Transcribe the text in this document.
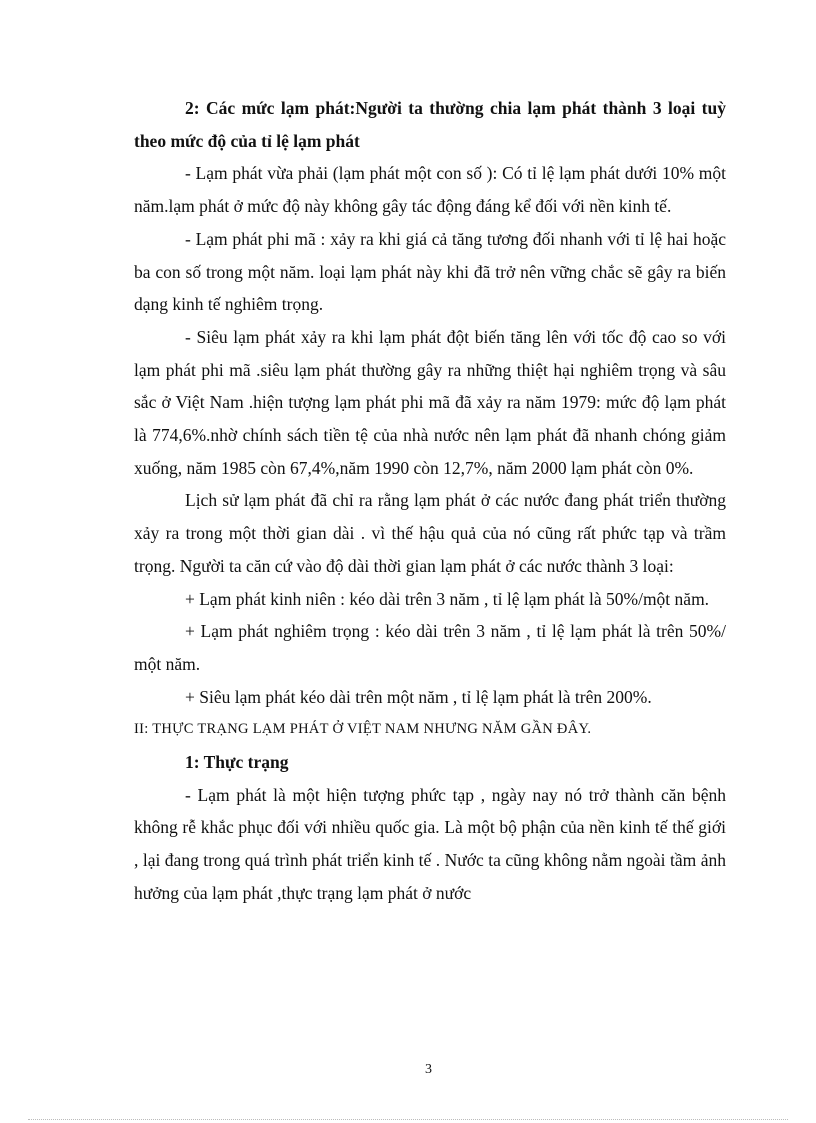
2: Các mức lạm phát:Người ta thường chia lạm phát thành 3 loại tuỳ theo mức độ của tỉ lệ lạm phát

- Lạm phát vừa phải (lạm phát một con số ): Có tỉ lệ lạm phát dưới 10% một năm.lạm phát ở mức độ này không gây tác động đáng kể đối với nền kinh tế.

- Lạm phát phi mã : xảy ra khi giá cả tăng tương đối nhanh với tỉ lệ hai hoặc ba con số trong một năm. loại lạm phát này khi đã trở nên vững chắc sẽ gây ra biến dạng kinh tế nghiêm trọng.

- Siêu lạm phát xảy ra khi lạm phát đột biến tăng lên với tốc độ cao so với lạm phát phi mã .siêu lạm phát thường gây ra những thiệt hại nghiêm trọng và sâu sắc ở Việt Nam .hiện tượng lạm phát phi mã đã xảy ra năm 1979: mức độ lạm phát là 774,6%.nhờ chính sách tiền tệ của nhà nước nên lạm phát đã nhanh chóng giảm xuống, năm 1985 còn 67,4%,năm 1990 còn 12,7%, năm 2000 lạm phát còn 0%.

Lịch sử lạm phát đã chỉ ra rằng lạm phát ở các nước đang phát triển thường xảy ra trong một thời gian dài . vì thế hậu quả của nó cũng rất phức tạp và trầm trọng. Người ta căn cứ vào độ dài thời gian lạm phát ở các nước thành 3 loại:

+ Lạm phát kinh niên : kéo dài trên 3 năm , tỉ lệ lạm phát là 50%/một năm.

+ Lạm phát nghiêm trọng : kéo dài trên 3 năm , tỉ lệ lạm phát là trên 50%/ một năm.

+ Siêu lạm phát kéo dài trên một năm , tỉ lệ lạm phát là trên 200%.

II: THỰC TRẠNG LẠM PHÁT Ở VIỆT NAM NHƯNG NĂM GẦN ĐÂY.

1: Thực trạng

- Lạm phát là một hiện tượng phức tạp , ngày nay nó trở thành căn bệnh không rễ khắc phục đối với nhiều quốc gia. Là một bộ phận của nền kinh tế thế giới , lại đang trong quá trình phát triển kinh tế . Nước ta cũng không nằm ngoài tầm ảnh hưởng của lạm phát ,thực trạng lạm phát ở nước

3
